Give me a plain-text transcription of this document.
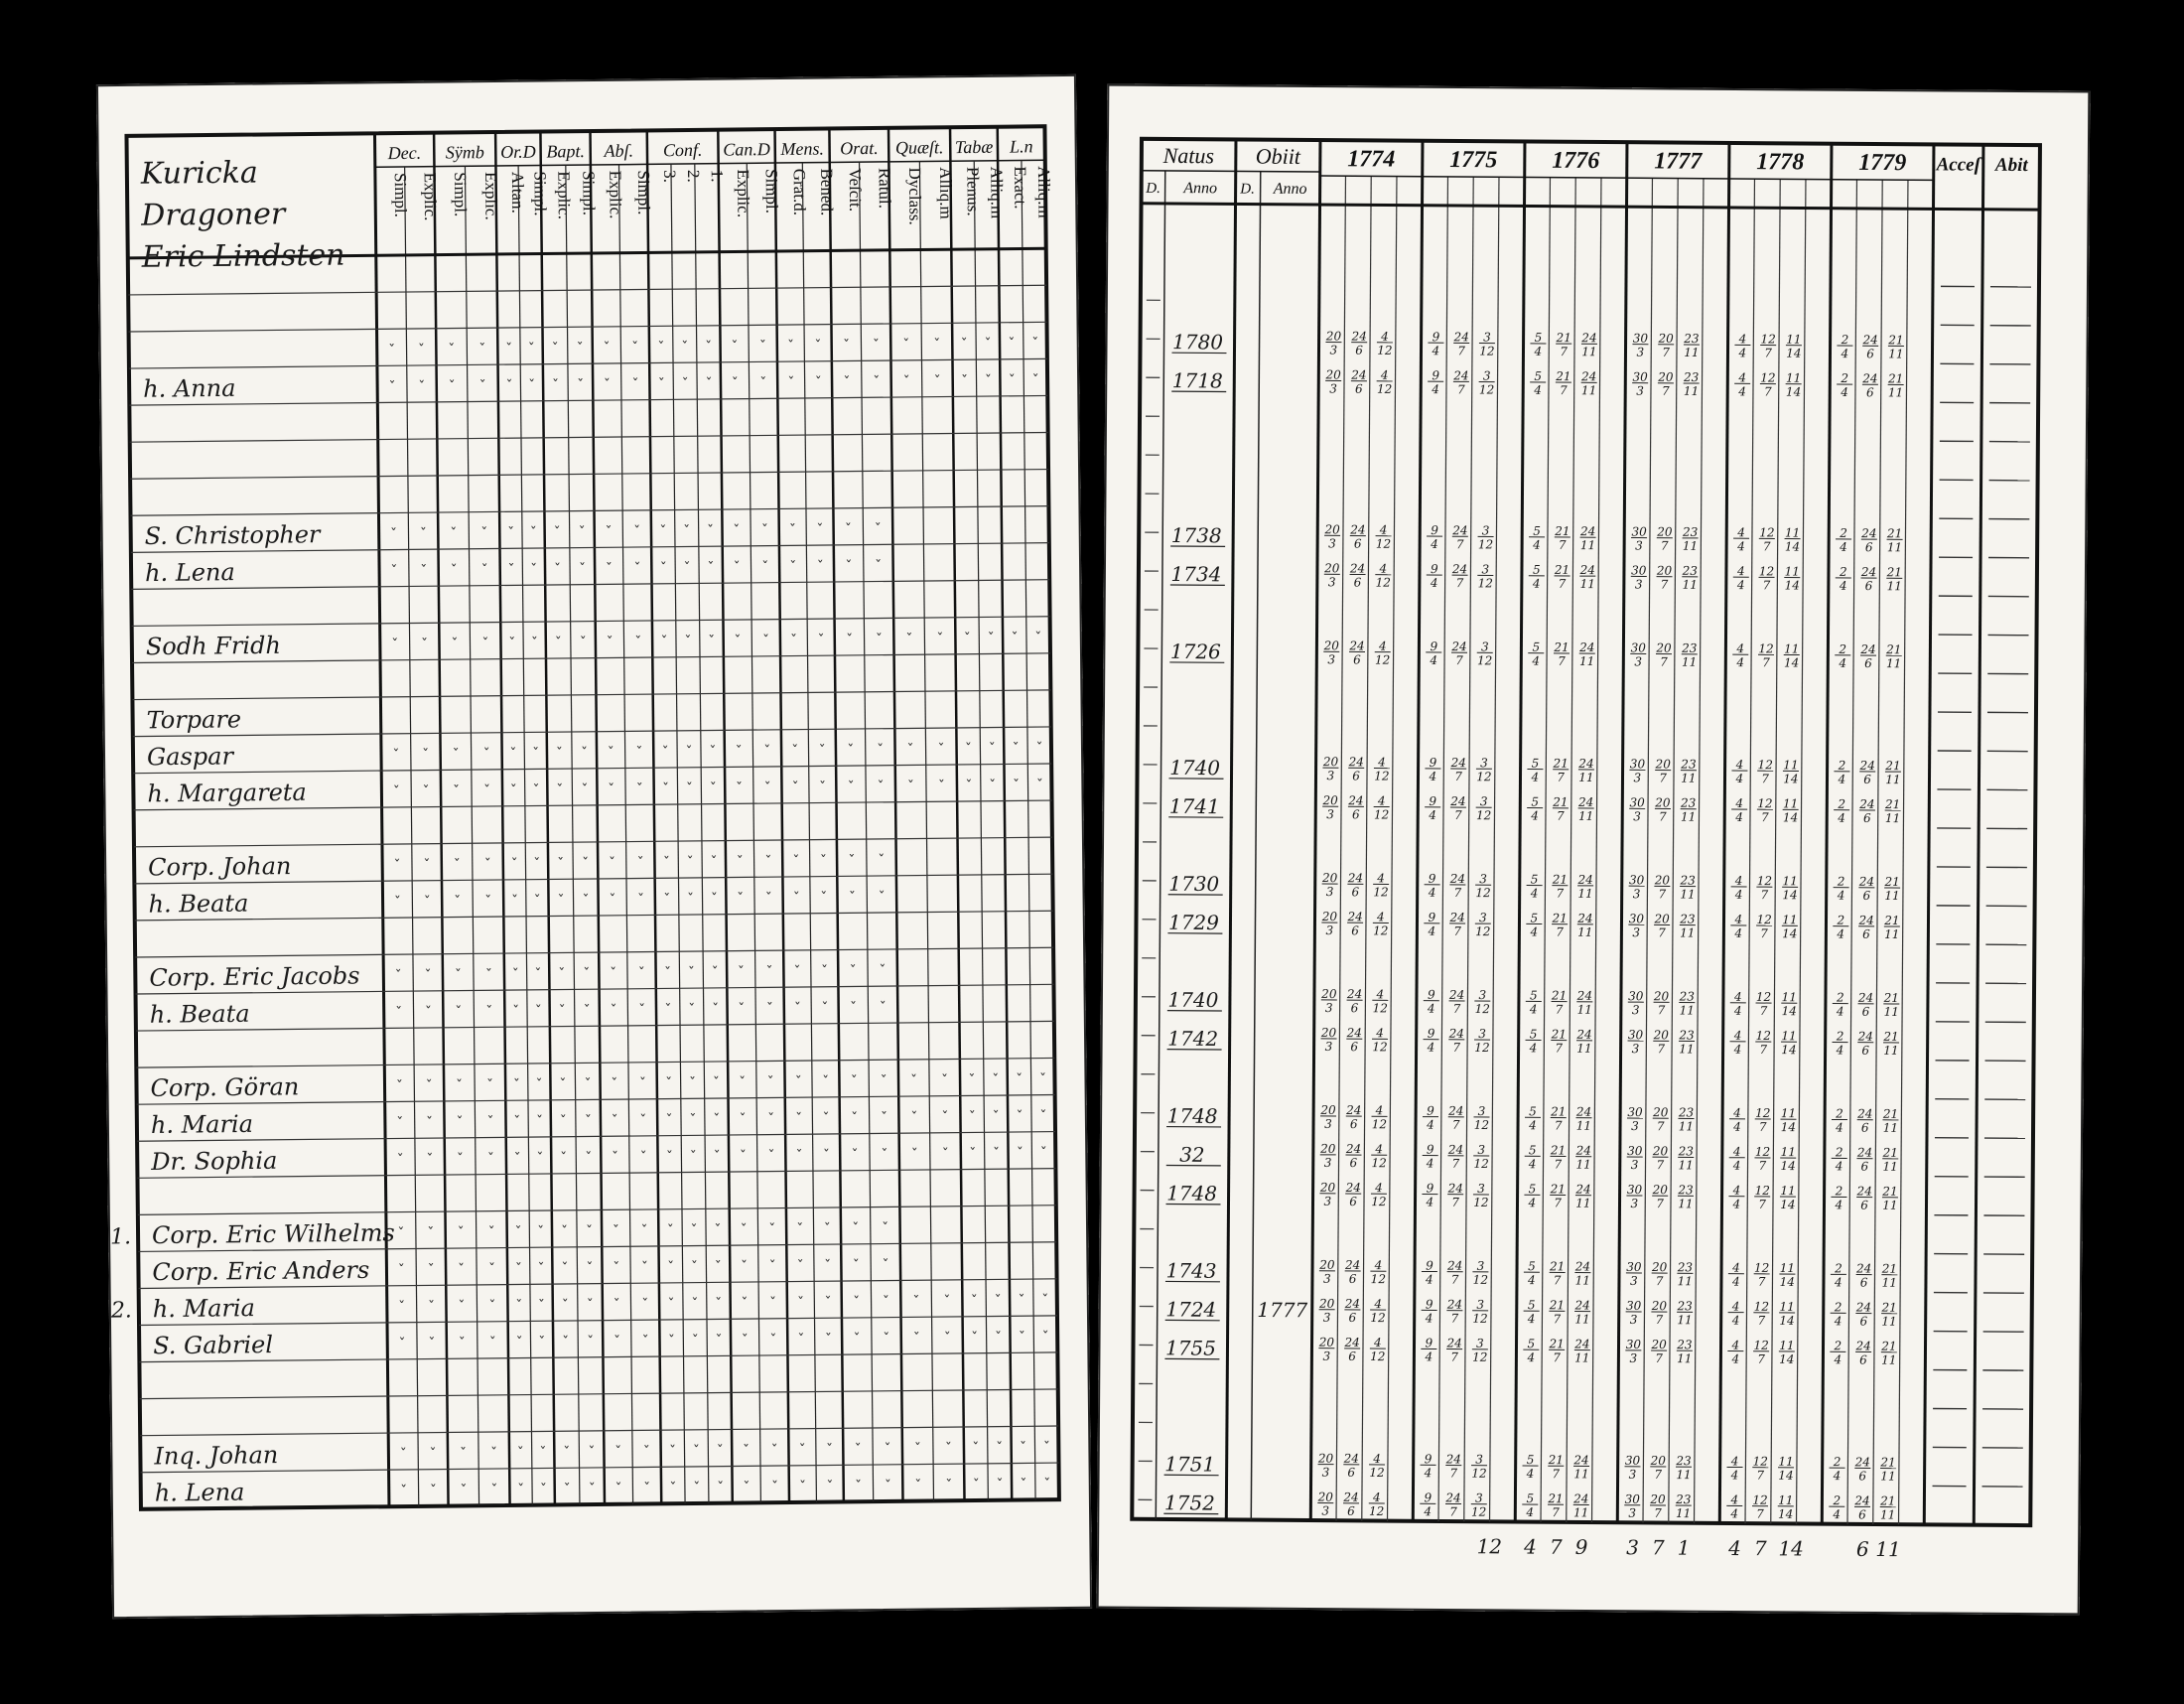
Dec.
Simpl.
ˇ
ˇ
ˇ
ˇ
ˇ
ˇ
ˇ
ˇ
ˇ
ˇ
ˇ
ˇ
ˇ
ˇ
ˇ
ˇ
ˇ
ˇ
ˇ
ˇ
Explic.
ˇ
ˇ
ˇ
ˇ
ˇ
ˇ
ˇ
ˇ
ˇ
ˇ
ˇ
ˇ
ˇ
ˇ
ˇ
ˇ
ˇ
ˇ
ˇ
ˇ
Sÿmb
Simpl.
ˇ
ˇ
ˇ
ˇ
ˇ
ˇ
ˇ
ˇ
ˇ
ˇ
ˇ
ˇ
ˇ
ˇ
ˇ
ˇ
ˇ
ˇ
ˇ
ˇ
Explic.
ˇ
ˇ
ˇ
ˇ
ˇ
ˇ
ˇ
ˇ
ˇ
ˇ
ˇ
ˇ
ˇ
ˇ
ˇ
ˇ
ˇ
ˇ
ˇ
ˇ
Or.D
Altan.
ˇ
ˇ
ˇ
ˇ
ˇ
ˇ
ˇ
ˇ
ˇ
ˇ
ˇ
ˇ
ˇ
ˇ
ˇ
ˇ
ˇ
ˇ
ˇ
ˇ
Simpl.
ˇ
ˇ
ˇ
ˇ
ˇ
ˇ
ˇ
ˇ
ˇ
ˇ
ˇ
ˇ
ˇ
ˇ
ˇ
ˇ
ˇ
ˇ
ˇ
ˇ
Bapt.
Explic.
ˇ
ˇ
ˇ
ˇ
ˇ
ˇ
ˇ
ˇ
ˇ
ˇ
ˇ
ˇ
ˇ
ˇ
ˇ
ˇ
ˇ
ˇ
ˇ
ˇ
Simpl.
ˇ
ˇ
ˇ
ˇ
ˇ
ˇ
ˇ
ˇ
ˇ
ˇ
ˇ
ˇ
ˇ
ˇ
ˇ
ˇ
ˇ
ˇ
ˇ
ˇ
Abſ.
Explic.
ˇ
ˇ
ˇ
ˇ
ˇ
ˇ
ˇ
ˇ
ˇ
ˇ
ˇ
ˇ
ˇ
ˇ
ˇ
ˇ
ˇ
ˇ
ˇ
ˇ
Simpl.
ˇ
ˇ
ˇ
ˇ
ˇ
ˇ
ˇ
ˇ
ˇ
ˇ
ˇ
ˇ
ˇ
ˇ
ˇ
ˇ
ˇ
ˇ
ˇ
ˇ
Conf.
3.
ˇ
ˇ
ˇ
ˇ
ˇ
ˇ
ˇ
ˇ
ˇ
ˇ
ˇ
ˇ
ˇ
ˇ
ˇ
ˇ
ˇ
ˇ
ˇ
ˇ
2.
ˇ
ˇ
ˇ
ˇ
ˇ
ˇ
ˇ
ˇ
ˇ
ˇ
ˇ
ˇ
ˇ
ˇ
ˇ
ˇ
ˇ
ˇ
ˇ
ˇ
1.
ˇ
ˇ
ˇ
ˇ
ˇ
ˇ
ˇ
ˇ
ˇ
ˇ
ˇ
ˇ
ˇ
ˇ
ˇ
ˇ
ˇ
ˇ
ˇ
ˇ
Can.D
Explic.
ˇ
ˇ
ˇ
ˇ
ˇ
ˇ
ˇ
ˇ
ˇ
ˇ
ˇ
ˇ
ˇ
ˇ
ˇ
ˇ
ˇ
ˇ
ˇ
ˇ
Simpl.
ˇ
ˇ
ˇ
ˇ
ˇ
ˇ
ˇ
ˇ
ˇ
ˇ
ˇ
ˇ
ˇ
ˇ
ˇ
ˇ
ˇ
ˇ
ˇ
ˇ
Mens.
Grat.d.
ˇ
ˇ
ˇ
ˇ
ˇ
ˇ
ˇ
ˇ
ˇ
ˇ
ˇ
ˇ
ˇ
ˇ
ˇ
ˇ
ˇ
ˇ
ˇ
ˇ
Bened.
ˇ
ˇ
ˇ
ˇ
ˇ
ˇ
ˇ
ˇ
ˇ
ˇ
ˇ
ˇ
ˇ
ˇ
ˇ
ˇ
ˇ
ˇ
ˇ
ˇ
Orat.
Veſcit.
ˇ
ˇ
ˇ
ˇ
ˇ
ˇ
ˇ
ˇ
ˇ
ˇ
ˇ
ˇ
ˇ
ˇ
ˇ
ˇ
ˇ
ˇ
ˇ
ˇ
Ratul.
ˇ
ˇ
ˇ
ˇ
ˇ
ˇ
ˇ
ˇ
ˇ
ˇ
ˇ
ˇ
ˇ
ˇ
ˇ
ˇ
ˇ
ˇ
ˇ
ˇ
Quæſt.
Dyclass.
ˇ
ˇ
ˇ
ˇ
ˇ
ˇ
ˇ
ˇ
ˇ
ˇ
ˇ
ˇ
Alliq.m
ˇ
ˇ
ˇ
ˇ
ˇ
ˇ
ˇ
ˇ
ˇ
ˇ
ˇ
ˇ
Tabæ
Plenus.
ˇ
ˇ
ˇ
ˇ
ˇ
ˇ
ˇ
ˇ
ˇ
ˇ
ˇ
ˇ
Alliq.m
ˇ
ˇ
ˇ
ˇ
ˇ
ˇ
ˇ
ˇ
ˇ
ˇ
ˇ
ˇ
L.n
Exact.
ˇ
ˇ
ˇ
ˇ
ˇ
ˇ
ˇ
ˇ
ˇ
ˇ
ˇ
ˇ
Alliq.m
ˇ
ˇ
ˇ
ˇ
ˇ
ˇ
ˇ
ˇ
ˇ
ˇ
ˇ
ˇ
Kuricka
Dragoner
Eric Lindsten
h. Anna
S. Christopher
h. Lena
Sodh Fridh
Torpare
Gaspar
h. Margareta
Corp. Johan
h. Beata
Corp. Eric Jacobs
h. Beata
Corp. Göran
h. Maria
Dr. Sophia
Corp. Eric Wilhelms
Corp. Eric Anders
h. Maria
S. Gabriel
Inq. Johan
h. Lena
1.
2.
Natus Obiit
D. Anno D. Anno
1774
20
3
24
6
4
12
20
3
24
6
4
12
20
3
24
6
4
12
20
3
24
6
4
12
20
3
24
6
4
12
20
3
24
6
4
12
20
3
24
6
4
12
20
3
24
6
4
12
20
3
24
6
4
12
20
3
24
6
4
12
20
3
24
6
4
12
20
3
24
6
4
12
20
3
24
6
4
12
20
3
24
6
4
12
20
3
24
6
4
12
20
3
24
6
4
12
20
3
24
6
4
12
20
3
24
6
4
12
20
3
24
6
4
12
1775
9
4
24
7
3
12
9
4
24
7
3
12
9
4
24
7
3
12
9
4
24
7
3
12
9
4
24
7
3
12
9
4
24
7
3
12
9
4
24
7
3
12
9
4
24
7
3
12
9
4
24
7
3
12
9
4
24
7
3
12
9
4
24
7
3
12
9
4
24
7
3
12
9
4
24
7
3
12
9
4
24
7
3
12
9
4
24
7
3
12
9
4
24
7
3
12
9
4
24
7
3
12
9
4
24
7
3
12
9
4
24
7
3
12
1776
5
4
21
7
24
11
5
4
21
7
24
11
5
4
21
7
24
11
5
4
21
7
24
11
5
4
21
7
24
11
5
4
21
7
24
11
5
4
21
7
24
11
5
4
21
7
24
11
5
4
21
7
24
11
5
4
21
7
24
11
5
4
21
7
24
11
5
4
21
7
24
11
5
4
21
7
24
11
5
4
21
7
24
11
5
4
21
7
24
11
5
4
21
7
24
11
5
4
21
7
24
11
5
4
21
7
24
11
5
4
21
7
24
11
1777
30
3
20
7
23
11
30
3
20
7
23
11
30
3
20
7
23
11
30
3
20
7
23
11
30
3
20
7
23
11
30
3
20
7
23
11
30
3
20
7
23
11
30
3
20
7
23
11
30
3
20
7
23
11
30
3
20
7
23
11
30
3
20
7
23
11
30
3
20
7
23
11
30
3
20
7
23
11
30
3
20
7
23
11
30
3
20
7
23
11
30
3
20
7
23
11
30
3
20
7
23
11
30
3
20
7
23
11
30
3
20
7
23
11
1778
4
4
12
7
11
14
4
4
12
7
11
14
4
4
12
7
11
14
4
4
12
7
11
14
4
4
12
7
11
14
4
4
12
7
11
14
4
4
12
7
11
14
4
4
12
7
11
14
4
4
12
7
11
14
4
4
12
7
11
14
4
4
12
7
11
14
4
4
12
7
11
14
4
4
12
7
11
14
4
4
12
7
11
14
4
4
12
7
11
14
4
4
12
7
11
14
4
4
12
7
11
14
4
4
12
7
11
14
4
4
12
7
11
14
1779
2
4
24
6
21
11
2
4
24
6
21
11
2
4
24
6
21
11
2
4
24
6
21
11
2
4
24
6
21
11
2
4
24
6
21
11
2
4
24
6
21
11
2
4
24
6
21
11
2
4
24
6
21
11
2
4
24
6
21
11
2
4
24
6
21
11
2
4
24
6
21
11
2
4
24
6
21
11
2
4
24
6
21
11
2
4
24
6
21
11
2
4
24
6
21
11
2
4
24
6
21
11
2
4
24
6
21
11
2
4
24
6
21
11
Acceſ Abit
1780
1718
1738
1734
1726
1740
1741
1730
1729
1740
1742
1748
32
1748
1743
1724
1755
1751
1752
1777
12 4 7 9 3 7 1 4 7 14	6 11
